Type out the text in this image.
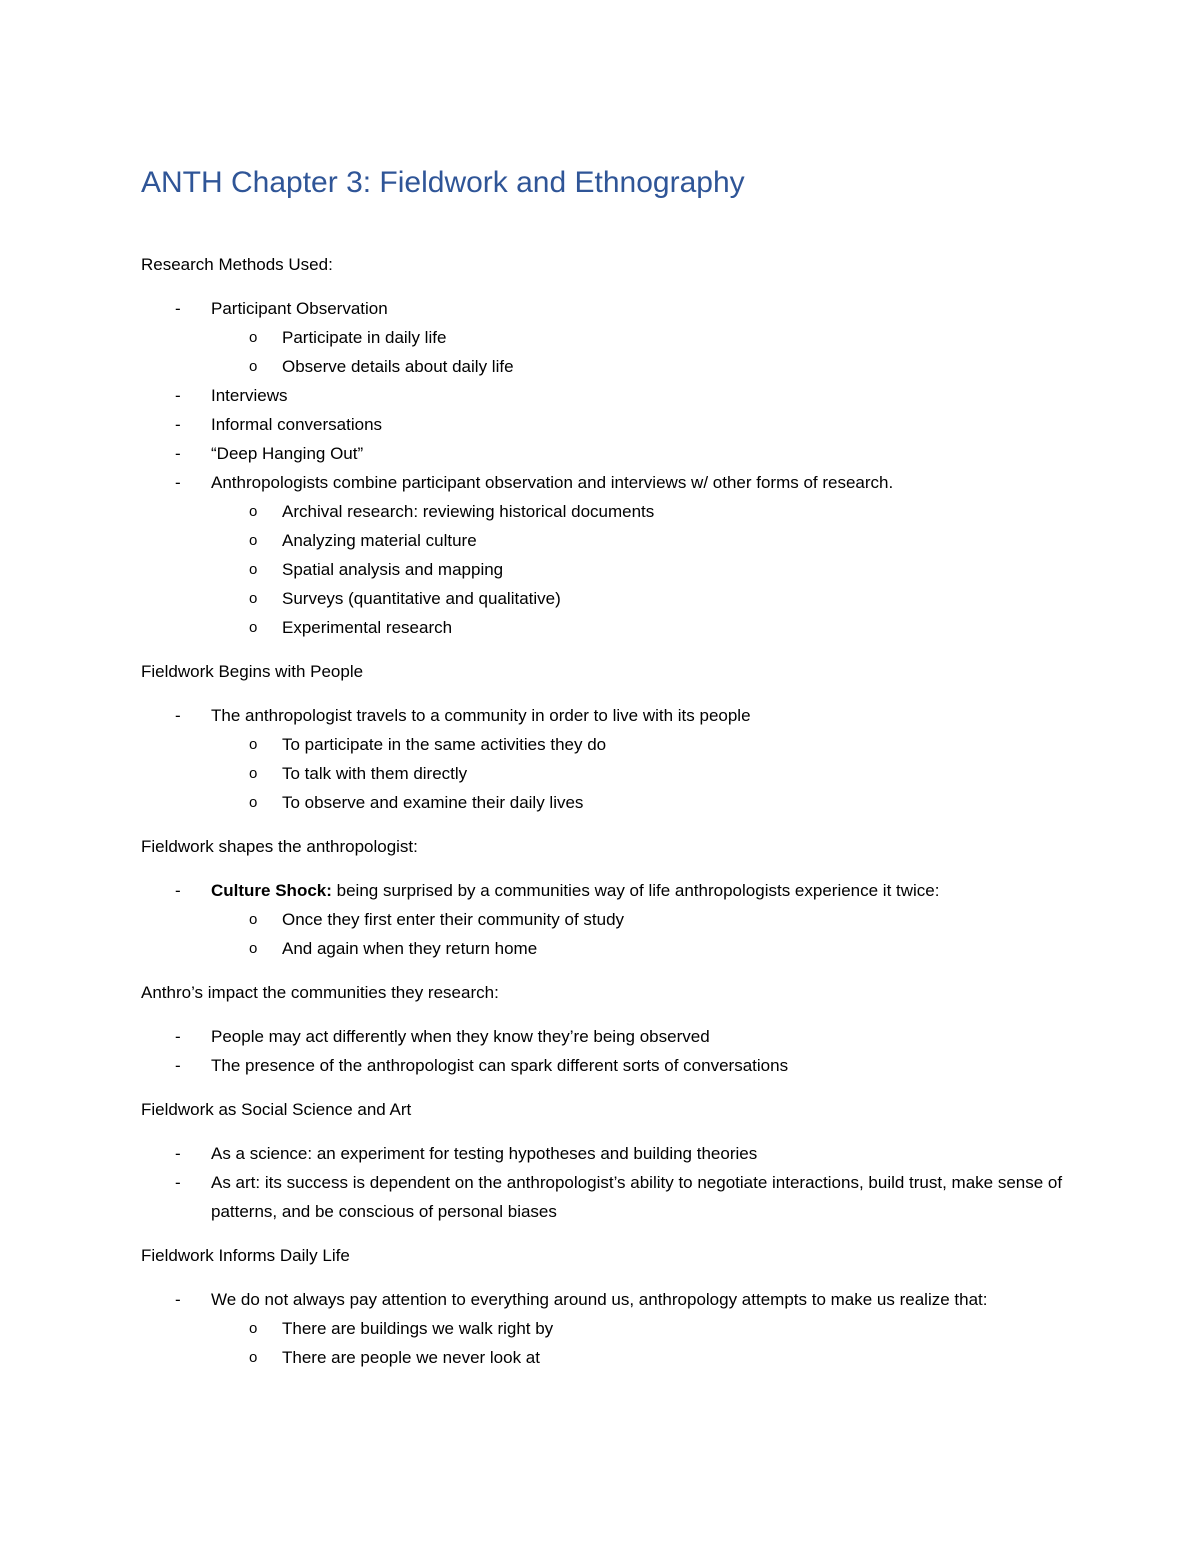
ANTH Chapter 3: Fieldwork and Ethnography

Research Methods Used:

- Participant Observation
o Participate in daily life
o Observe details about daily life
- Interviews
- Informal conversations
- “Deep Hanging Out”
- Anthropologists combine participant observation and interviews w/ other forms of research.
o Archival research: reviewing historical documents
o Analyzing material culture
o Spatial analysis and mapping
o Surveys (quantitative and qualitative)
o Experimental research

Fieldwork Begins with People

- The anthropologist travels to a community in order to live with its people
o To participate in the same activities they do
o To talk with them directly
o To observe and examine their daily lives

Fieldwork shapes the anthropologist:

- Culture Shock: being surprised by a communities way of life anthropologists experience it twice:
o Once they first enter their community of study
o And again when they return home

Anthro’s impact the communities they research:

- People may act differently when they know they’re being observed
- The presence of the anthropologist can spark different sorts of conversations

Fieldwork as Social Science and Art

- As a science: an experiment for testing hypotheses and building theories
- As art: its success is dependent on the anthropologist’s ability to negotiate interactions, build trust, make sense of patterns, and be conscious of personal biases

Fieldwork Informs Daily Life

- We do not always pay attention to everything around us, anthropology attempts to make us realize that:
o There are buildings we walk right by
o There are people we never look at
